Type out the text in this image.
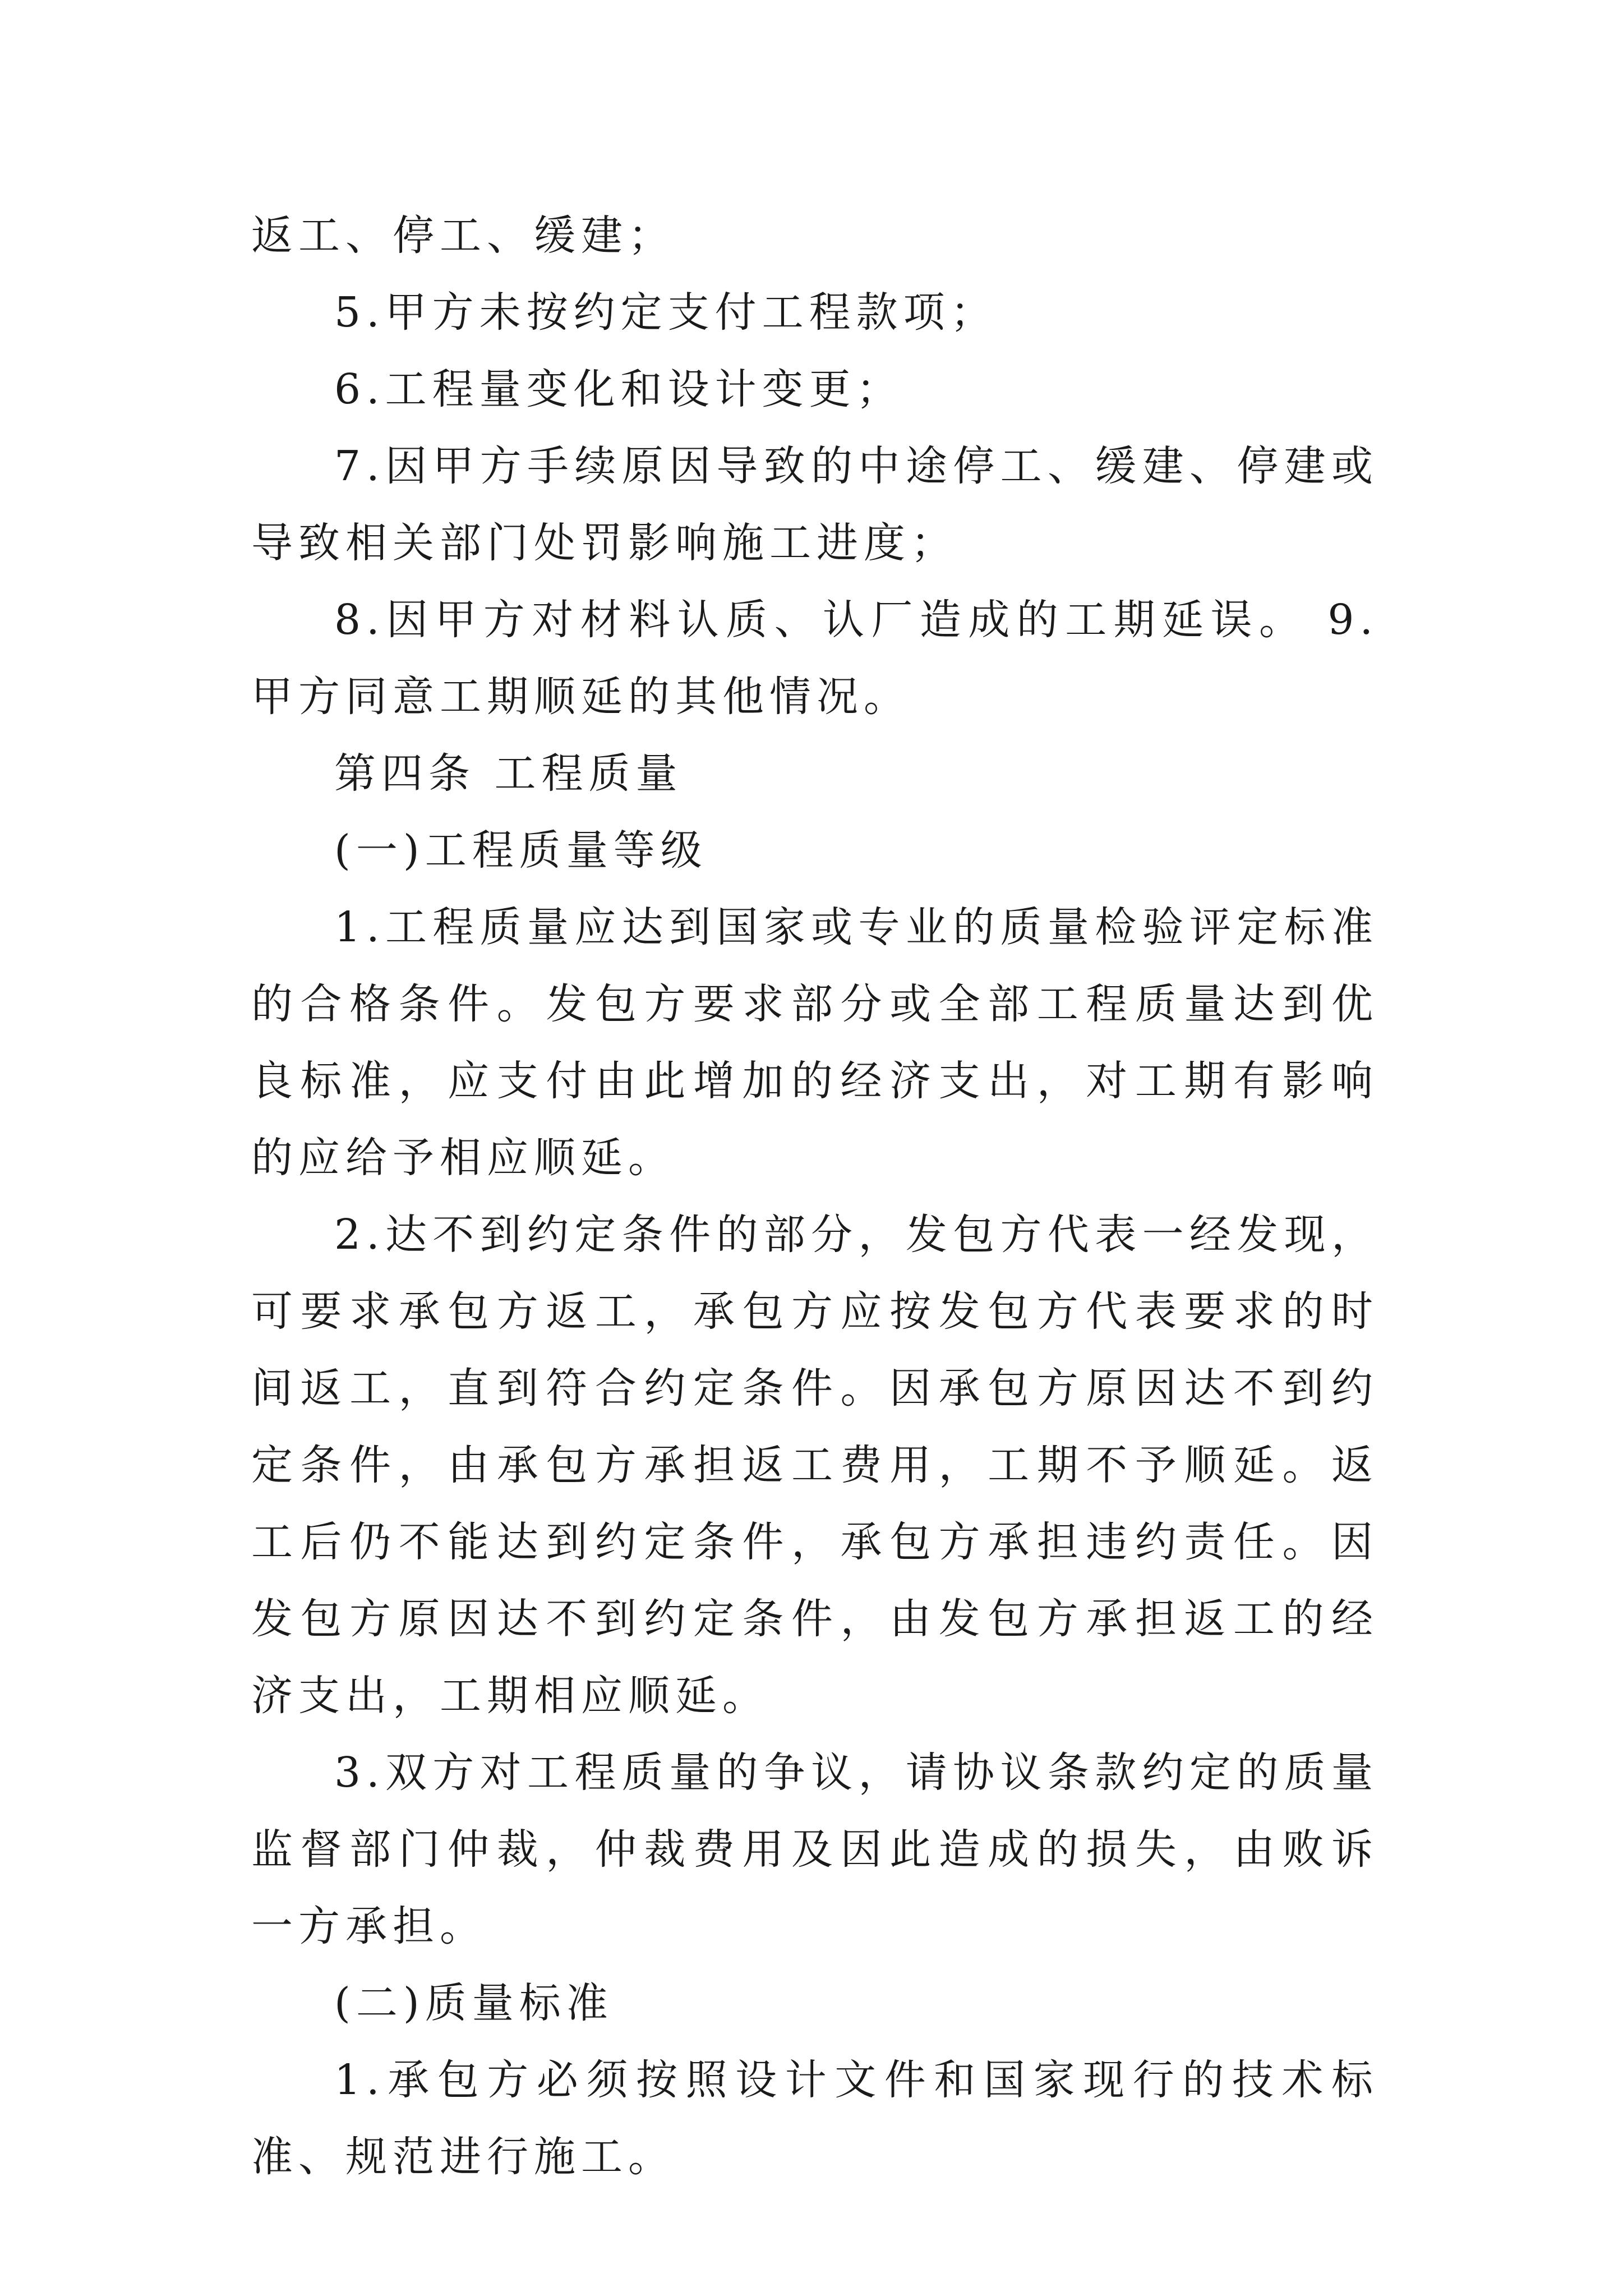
返工、停工、缓建；

5.甲方未按约定支付工程款项；

6.工程量变化和设计变更；

7.因甲方手续原因导致的中途停工、缓建、停建或导致相关部门处罚影响施工进度；

8.因甲方对材料认质、认厂造成的工期延误。 9.甲方同意工期顺延的其他情况。

第四条 工程质量

(一)工程质量等级

1.工程质量应达到国家或专业的质量检验评定标准的合格条件。发包方要求部分或全部工程质量达到优良标准，应支付由此增加的经济支出，对工期有影响的应给予相应顺延。

2.达不到约定条件的部分，发包方代表一经发现，可要求承包方返工，承包方应按发包方代表要求的时间返工，直到符合约定条件。因承包方原因达不到约定条件，由承包方承担返工费用，工期不予顺延。返工后仍不能达到约定条件，承包方承担违约责任。因发包方原因达不到约定条件，由发包方承担返工的经济支出，工期相应顺延。

3.双方对工程质量的争议，请协议条款约定的质量监督部门仲裁，仲裁费用及因此造成的损失，由败诉一方承担。

(二)质量标准

1.承包方必须按照设计文件和国家现行的技术标准、规范进行施工。
